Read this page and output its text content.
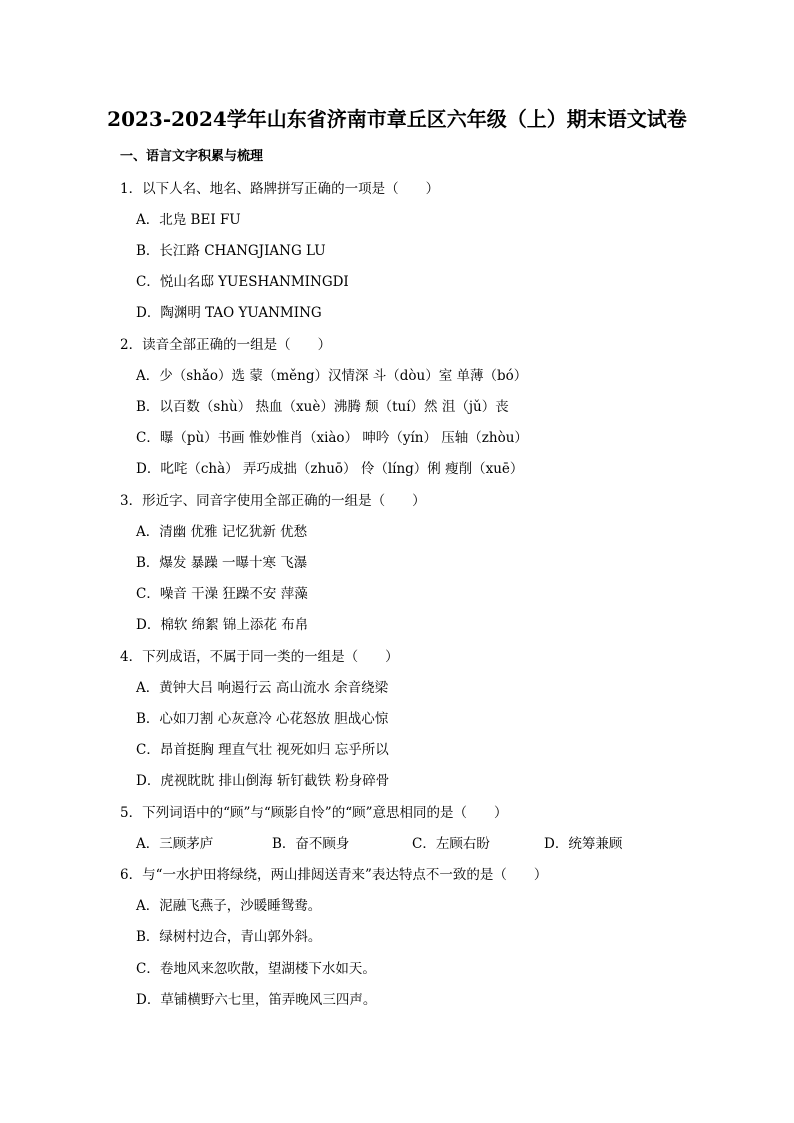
2023-2024学年山东省济南市章丘区六年级（上）期末语文试卷
一、语言文字积累与梳理
1．以下人名、地名、路牌拼写正确的一项是（　　）
A．北凫 BEI FU
B．长江路 CHANGJIANG LU
C．悦山名邸 YUESHANMINGDI
D．陶渊明 TAO YUANMING
2．读音全部正确的一组是（　　）
A．少（shǎo）选 蒙（měng）汉情深 斗（dòu）室 单薄（bó）
B．以百数（shù） 热血（xuè）沸腾 颓（tuí）然 沮（jǔ）丧
C．曝（pù）书画 惟妙惟肖（xiào） 呻吟（yín） 压轴（zhòu）
D．叱咤（chà） 弄巧成拙（zhuō） 伶（líng）俐 瘦削（xuē）
3．形近字、同音字使用全部正确的一组是（　　）
A．清幽 优雅 记忆犹新 优愁
B．爆发 暴躁 一曝十寒 飞瀑
C．噪音 干澡 狂躁不安 萍藻
D．棉软 绵絮 锦上添花 布帛
4．下列成语，不属于同一类的一组是（　　）
A．黄钟大吕 响遏行云 高山流水 余音绕梁
B．心如刀割 心灰意冷 心花怒放 胆战心惊
C．昂首挺胸 理直气壮 视死如归 忘乎所以
D．虎视眈眈 排山倒海 斩钉截铁 粉身碎骨
5．下列词语中的“顾”与“顾影自怜”的“顾”意思相同的是（　　）
A．三顾茅庐	B．奋不顾身	C．左顾右盼	D．统筹兼顾
6．与“一水护田将绿绕，两山排闼送青来”表达特点不一致的是（　　）
A．泥融飞燕子，沙暖睡鸳鸯。
B．绿树村边合，青山郭外斜。
C．卷地风来忽吹散，望湖楼下水如天。
D．草铺横野六七里，笛弄晚风三四声。
